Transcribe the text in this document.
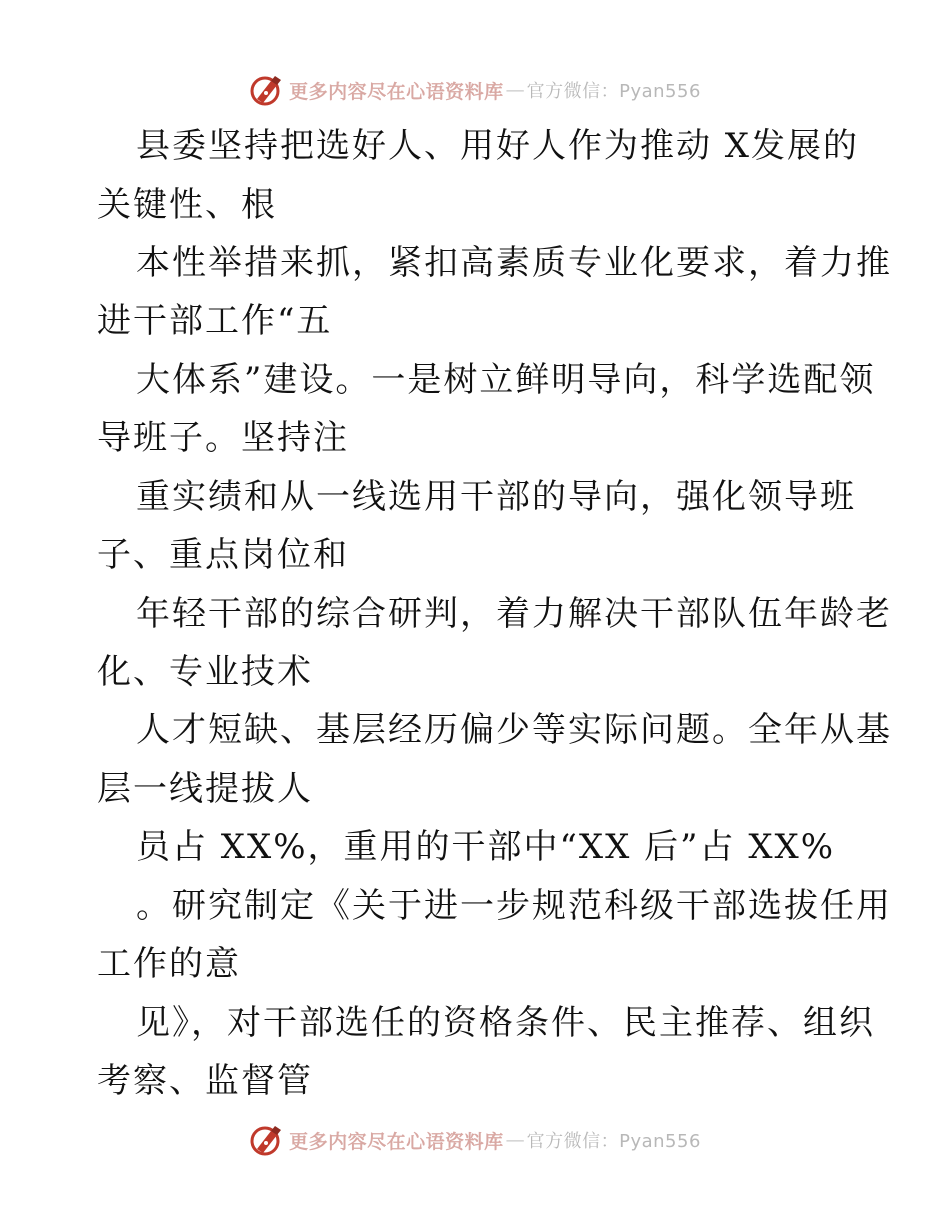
更多内容尽在心语资料库 — 官方微信：Pyan556
县委坚持把选好人、用好人作为推动 X发展的
关键性、根
本性举措来抓，紧扣高素质专业化要求，着力推
进干部工作“五
大体系”建设。一是树立鲜明导向，科学选配领
导班子。坚持注
重实绩和从一线选用干部的导向，强化领导班
子、重点岗位和
年轻干部的综合研判，着力解决干部队伍年龄老
化、专业技术
人才短缺、基层经历偏少等实际问题。全年从基
层一线提拔人
员占 XX%，重用的干部中“XX 后”占 XX%
。研究制定《关于进一步规范科级干部选拔任用
工作的意
见》，对干部选任的资格条件、民主推荐、组织
考察、监督管
更多内容尽在心语资料库 — 官方微信：Pyan556
